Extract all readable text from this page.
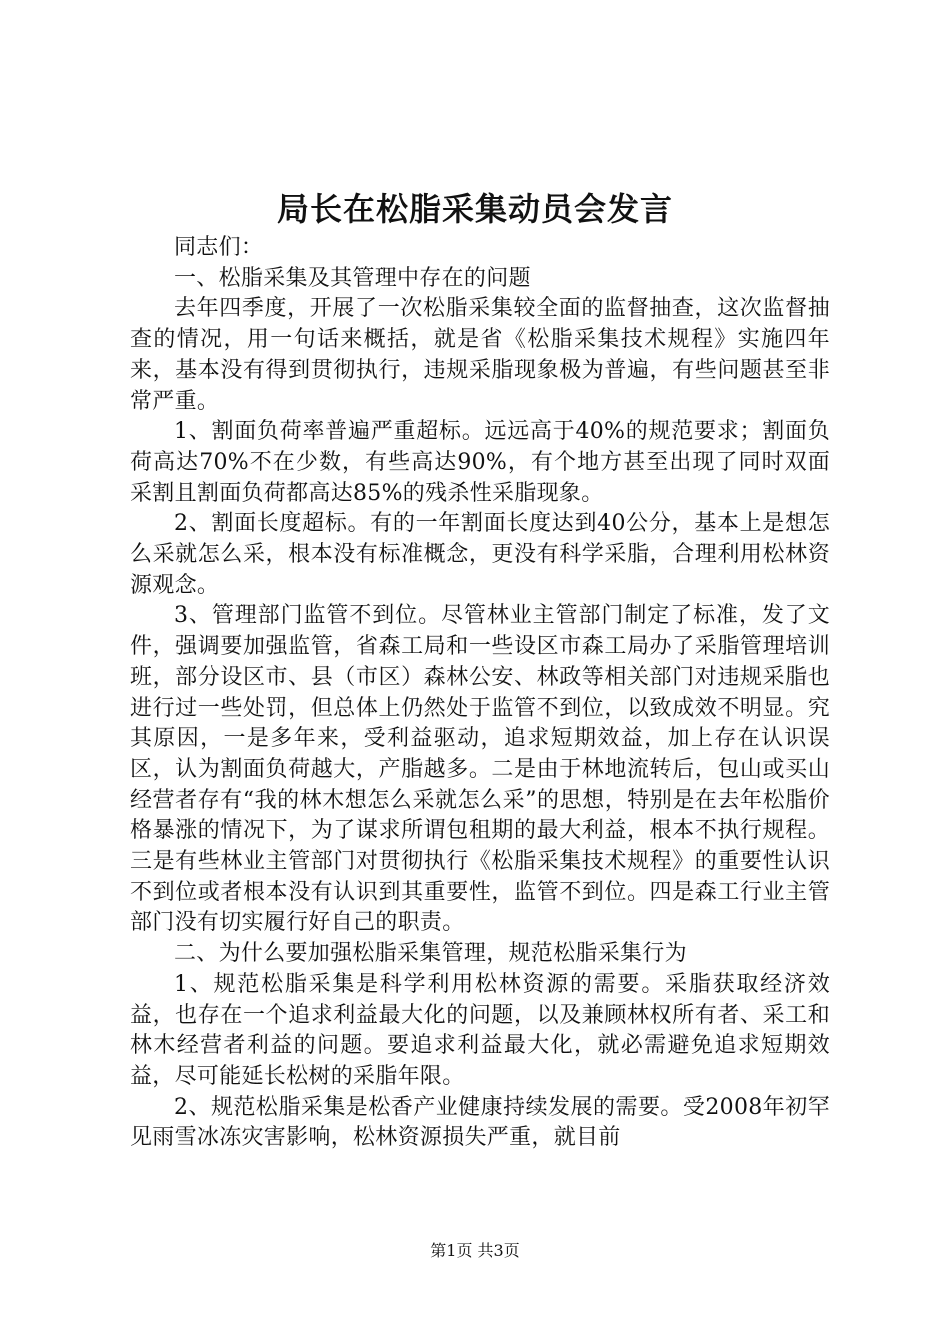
局长在松脂采集动员会发言

同志们：

一、松脂采集及其管理中存在的问题

去年四季度，开展了一次松脂采集较全面的监督抽查，这次监督抽查的情况，用一句话来概括，就是省《松脂采集技术规程》实施四年来，基本没有得到贯彻执行，违规采脂现象极为普遍，有些问题甚至非常严重。

1、割面负荷率普遍严重超标。远远高于40%的规范要求；割面负荷高达70%不在少数，有些高达90%，有个地方甚至出现了同时双面采割且割面负荷都高达85%的残杀性采脂现象。

2、割面长度超标。有的一年割面长度达到40公分，基本上是想怎么采就怎么采，根本没有标准概念，更没有科学采脂，合理利用松林资源观念。

3、管理部门监管不到位。尽管林业主管部门制定了标准，发了文件，强调要加强监管，省森工局和一些设区市森工局办了采脂管理培训班，部分设区市、县（市区）森林公安、林政等相关部门对违规采脂也进行过一些处罚，但总体上仍然处于监管不到位，以致成效不明显。究其原因，一是多年来，受利益驱动，追求短期效益，加上存在认识误区，认为割面负荷越大，产脂越多。二是由于林地流转后，包山或买山经营者存有“我的林木想怎么采就怎么采”的思想，特别是在去年松脂价格暴涨的情况下，为了谋求所谓包租期的最大利益，根本不执行规程。三是有些林业主管部门对贯彻执行《松脂采集技术规程》的重要性认识不到位或者根本没有认识到其重要性，监管不到位。四是森工行业主管部门没有切实履行好自己的职责。

二、为什么要加强松脂采集管理，规范松脂采集行为

1、规范松脂采集是科学利用松林资源的需要。采脂获取经济效益，也存在一个追求利益最大化的问题，以及兼顾林权所有者、采工和林木经营者利益的问题。要追求利益最大化，就必需避免追求短期效益，尽可能延长松树的采脂年限。

2、规范松脂采集是松香产业健康持续发展的需要。受2008年初罕见雨雪冰冻灾害影响，松林资源损失严重，就目前

第1页 共3页
